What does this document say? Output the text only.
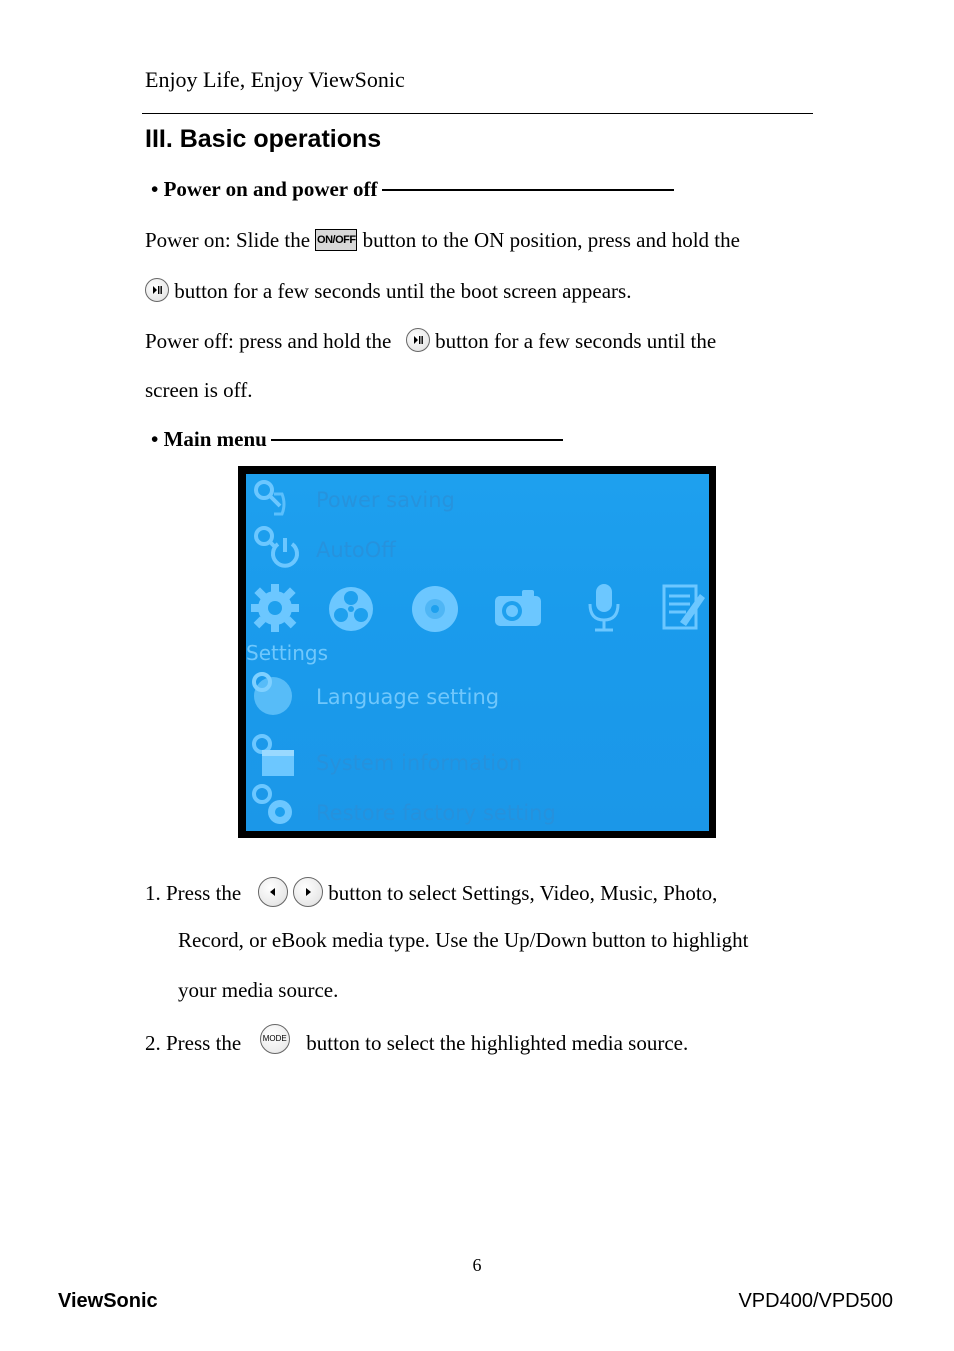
Enjoy Life, Enjoy ViewSonic
III. Basic operations
• Power on and power off
Power on: Slide the ON/OFF button to the ON position, press and hold the
button for a few seconds until the boot screen appears.
Power off: press and hold the button for a few seconds until the
screen is off.
• Main menu
Power saving
AutoOff
Settings
Language setting
System information
Restore factory setting
1. Press the
	button to select Settings, Video, Music, Photo,
Record, or eBook media type. Use the Up/Down button to highlight
your media source.
2. Press the	MODE button to select the highlighted media source.
6
ViewSonic	VPD400/VPD500
